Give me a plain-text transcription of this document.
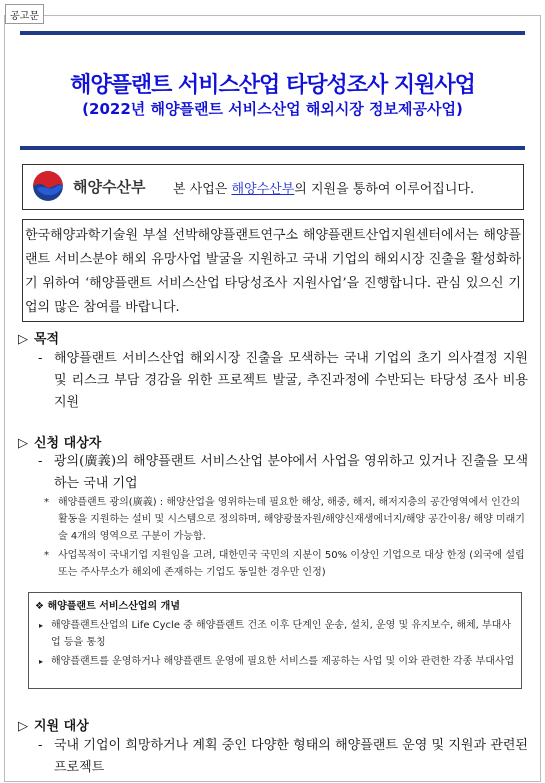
공고문
해양플랜트 서비스산업 타당성조사 지원사업
(2022년 해양플랜트 서비스산업 해외시장 정보제공사업)
해양수산부 본 사업은 해양수산부의 지원을 통하여 이루어집니다.
한국해양과학기술원 부설 선박해양플랜트연구소 해양플랜트산업지원센터에서는 해양플랜트 서비스분야 해외 유망사업 발굴을 지원하고 국내 기업의 해외시장 진출을 활성화하기 위하여 ‘해양플랜트 서비스산업 타당성조사 지원사업’을 진행합니다. 관심 있으신 기업의 많은 참여를 바랍니다.
▷ 목적
- 해양플랜트 서비스산업 해외시장 진출을 모색하는 국내 기업의 초기 의사결정 지원 및 리스크 부담 경감을 위한 프로젝트 발굴, 추진과정에 수반되는 타당성 조사 비용 지원
▷ 신청 대상자
- 광의(廣義)의 해양플랜트 서비스산업 분야에서 사업을 영위하고 있거나 진출을 모색하는 국내 기업
* 해양플랜트 광의(廣義) : 해양산업을 영위하는데 필요한 해상, 해중, 해저, 해저지층의 공간영역에서 인간의 활동을 지원하는 설비 및 시스템으로 정의하며, 해양광물자원/해양신재생에너지/해양 공간이용/ 해양 미래기술 4개의 영역으로 구분이 가능함.
* 사업목적이 국내기업 지원임을 고려, 대한민국 국민의 지분이 50% 이상인 기업으로 대상 한정 (외국에 설립 또는 주사무소가 해외에 존재하는 기업도 동일한 경우만 인정)
❖ 해양플랜트 서비스산업의 개념
▸ 해양플랜트산업의 Life Cycle 중 해양플랜트 건조 이후 단계인 운송, 설치, 운영 및 유지보수, 해체, 부대사업 등을 통칭
▸ 해양플랜트를 운영하거나 해양플랜트 운영에 필요한 서비스를 제공하는 사업 및 이와 관련한 각종 부대사업
▷ 지원 대상
- 국내 기업이 희망하거나 계획 중인 다양한 형태의 해양플랜트 운영 및 지원과 관련된 프로젝트
